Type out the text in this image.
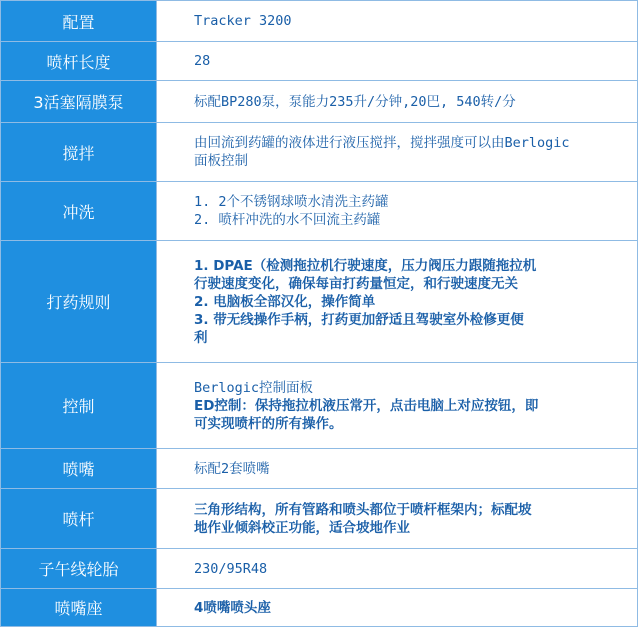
配置	Tracker 3200

喷杆长度	28

3活塞隔膜泵	标配BP280泵，泵能力235升/分钟,20巴, 540转/分

搅拌	由回流到药罐的液体进行液压搅拌，搅拌强度可以由Berlogic
面板控制

冲洗	1. 2个不锈钢球喷水清洗主药罐
2. 喷杆冲洗的水不回流主药罐

打药规则	1. DPAE（检测拖拉机行驶速度，压力阀压力跟随拖拉机
行驶速度变化，确保每亩打药量恒定，和行驶速度无关
2. 电脑板全部汉化，操作简单
3. 带无线操作手柄，打药更加舒适且驾驶室外检修更便
利

控制	Berlogic控制面板
ED控制：保持拖拉机液压常开，点击电脑上对应按钮，即
可实现喷杆的所有操作。

喷嘴	标配2套喷嘴

喷杆	三角形结构，所有管路和喷头都位于喷杆框架内；标配坡
地作业倾斜校正功能，适合坡地作业

子午线轮胎	230/95R48

喷嘴座	4喷嘴喷头座
